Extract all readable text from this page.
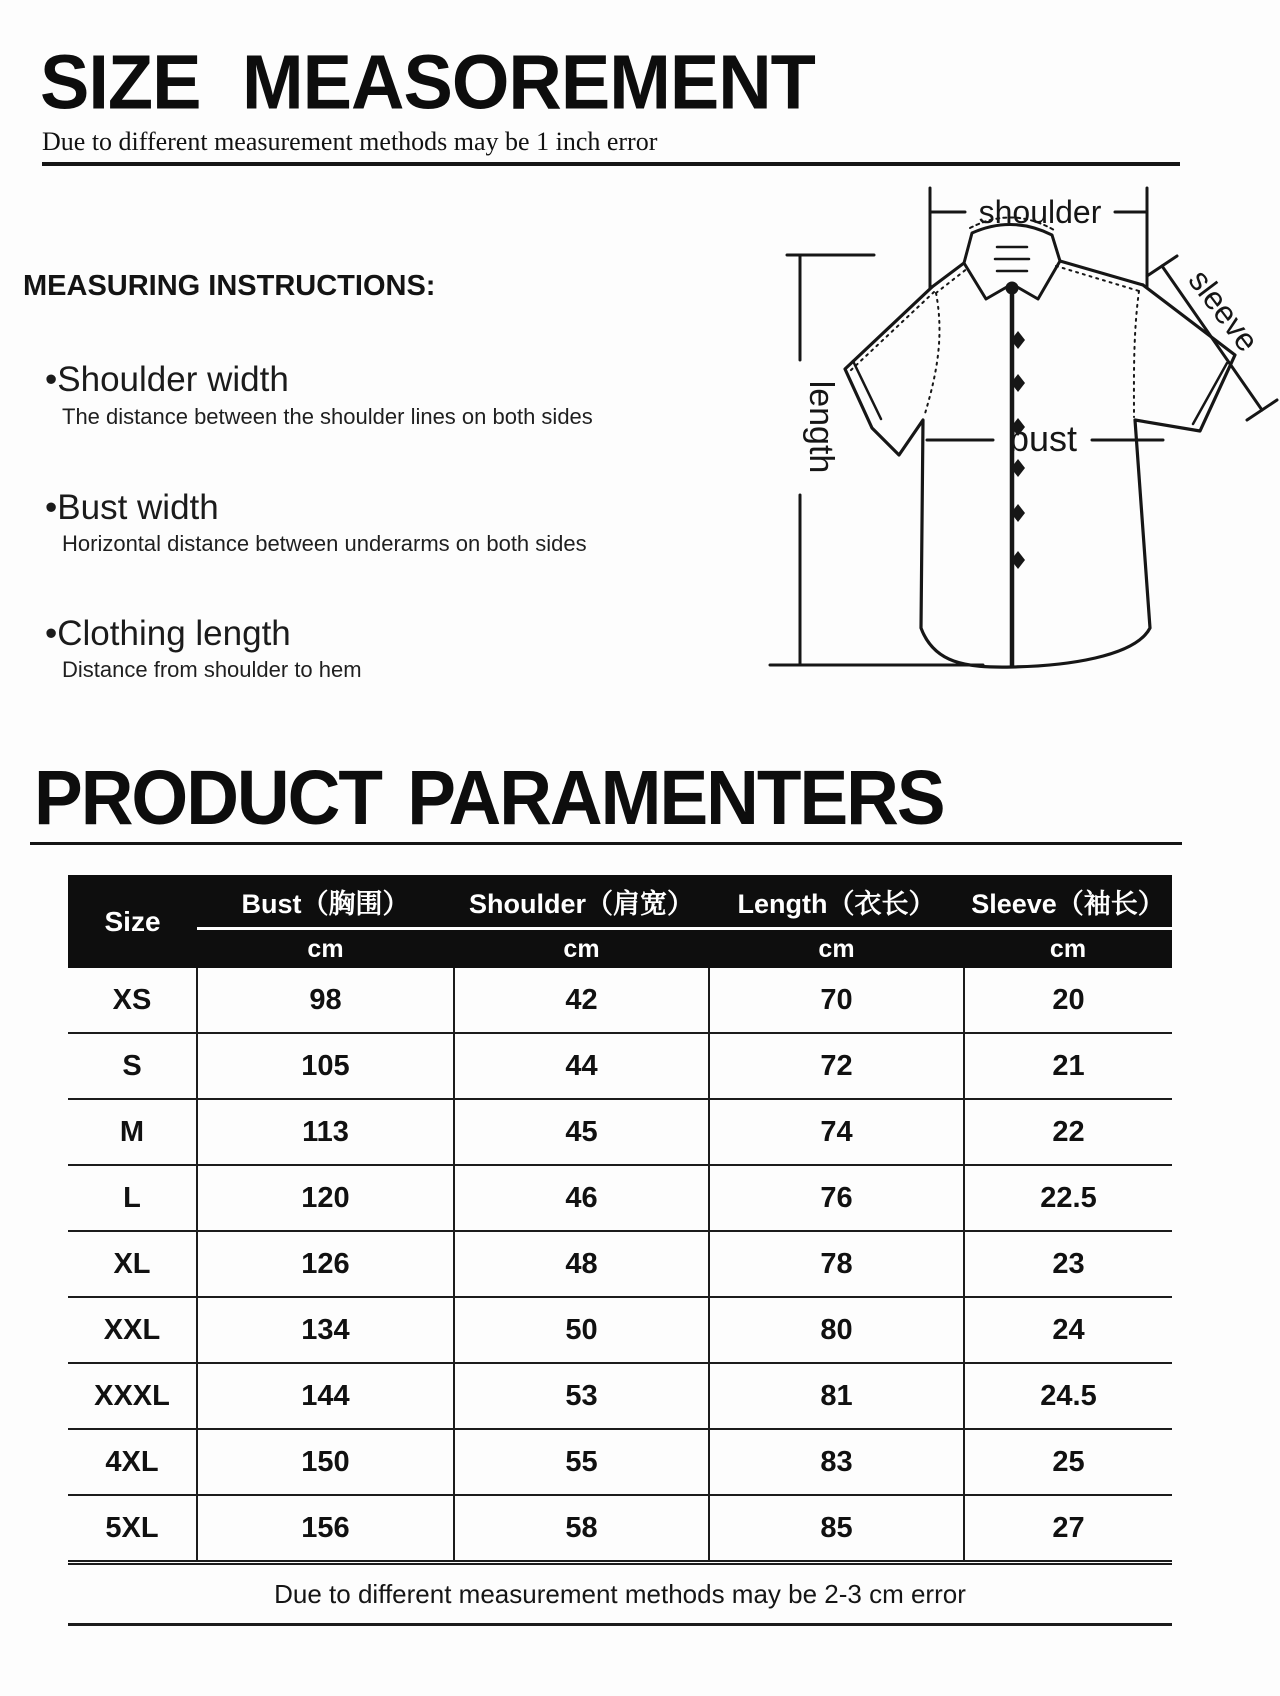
SIZE MEASOREMENT
Due to different measurement methods may be 1 inch error
MEASURING INSTRUCTIONS:
•Shoulder width
The distance between the shoulder lines on both sides
•Bust width
Horizontal distance between underarms on both sides
•Clothing length
Distance from shoulder to hem
shoulder
length	bust
sleeve
PRODUCT PARAMENTERS
Size	Bust（胸围）	Shoulder（肩宽）	Length（衣长）	Sleeve（袖长）
	cm	cm	cm	cm
XS	98	42	70	20
S	105	44	72	21
M	113	45	74	22
L	120	46	76	22.5
XL	126	48	78	23
XXL	134	50	80	24
XXXL	144	53	81	24.5
4XL	150	55	83	25
5XL	156	58	85	27
Due to different measurement methods may be 2-3 cm error				
